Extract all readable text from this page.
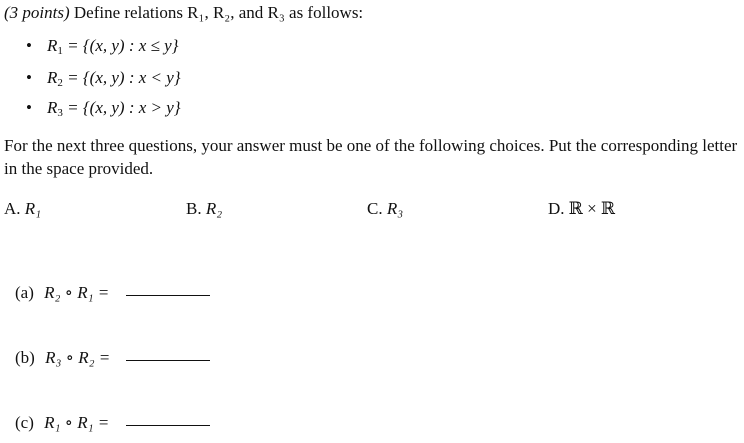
(3 points) Define relations R₁, R₂, and R₃ as follows:
• $R_1 = \{(x$, y) : x ≤ y}
• $R_2 = \{(x$, y) : x < y}
• $R_3 = \{(x$, y) : x > y}
For the next three questions, your answer must be one of the following choices. Put the corresponding letter in the space provided.
A. R₁	B. R₂	C. R₃	D. ℝ × ℝ
(a) R₂ ∘ R₁ =
(b) R₃ ∘ R₂ =
(c) R₁ ∘ R₁ =
